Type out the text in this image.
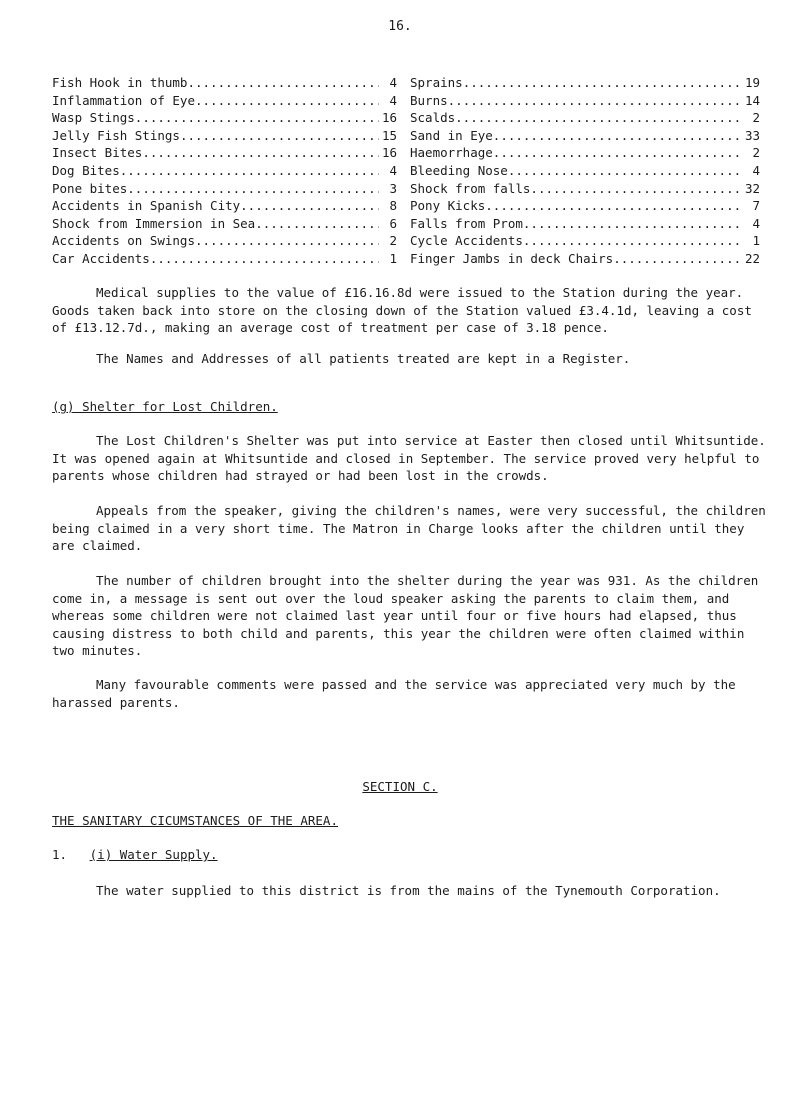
16.
Fish Hook in thumb .....	4
Inflammation of Eye .....	4
Wasp Stings .....	16
Jelly Fish Stings .....	15
Insect Bites .....	16
Dog Bites .....	4
Pone bites .....	3
Accidents in Spanish City .....	8
Shock from Immersion in Sea .....	6
Accidents on Swings .....	2
Car Accidents .....	1
Sprains .....	19
Burns .....	14
Scalds .....	2
Sand in Eye .....	33
Haemorrhage .....	2
Bleeding Nose .....	4
Shock from falls .....	32
Pony Kicks .....	7
Falls from Prom .....	4
Cycle Accidents .....	1
Finger Jambs in deck Chairs .....	22
Medical supplies to the value of £16.16.8d were issued to the Station during the year. Goods taken back into store on the closing down of the Station valued £3.4.1d, leaving a cost of £13.12.7d., making an average cost of treatment per case of 3.18 pence.
The Names and Addresses of all patients treated are kept in a Register.
(g) Shelter for Lost Children.
The Lost Children's Shelter was put into service at Easter then closed until Whitsuntide. It was opened again at Whitsuntide and closed in September. The service proved very helpful to parents whose children had strayed or had been lost in the crowds.
Appeals from the speaker, giving the children's names, were very successful, the children being claimed in a very short time. The Matron in Charge looks after the children until they are claimed.
The number of children brought into the shelter during the year was 931. As the children come in, a message is sent out over the loud speaker asking the parents to claim them, and whereas some children were not claimed last year until four or five hours had elapsed, thus causing distress to both child and parents, this year the children were often claimed within two minutes.
Many favourable comments were passed and the service was appreciated very much by the harassed parents.
SECTION C.
THE SANITARY CICUMSTANCES OF THE AREA.
1. (i) Water Supply.
The water supplied to this district is from the mains of the Tynemouth Corporation.
